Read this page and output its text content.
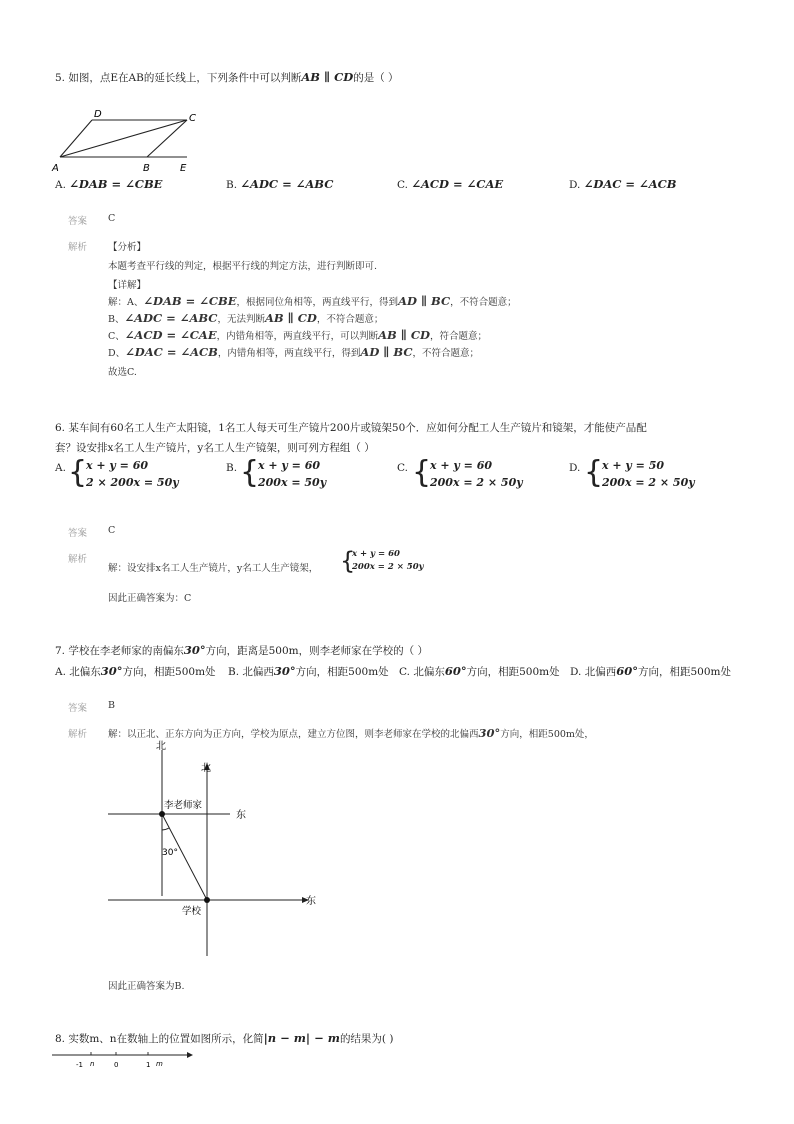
5. 如图，点E在AB的延长线上，下列条件中可以判断AB ∥ CD的是（ ）
A	B
C
D
E
A. ∠DAB = ∠CBE	B. ∠ADC = ∠ABC	C. ∠ACD = ∠CAE	D. ∠DAC = ∠ACB
答案 C
解析 【分析】
本题考查平行线的判定，根据平行线的判定方法，进行判断即可.
【详解】
解：A、∠DAB = ∠CBE，根据同位角相等，两直线平行，得到AD ∥ BC，不符合题意；
B、∠ADC = ∠ABC，无法判断AB ∥ CD，不符合题意；
C、∠ACD = ∠CAE，内错角相等，两直线平行，可以判断AB ∥ CD，符合题意；
D、∠DAC = ∠ACB，内错角相等，两直线平行，得到AD ∥ BC，不符合题意；
故选C.
6. 某车间有60名工人生产太阳镜，1名工人每天可生产镜片200片或镜架50个．应如何分配工人生产镜片和镜架，才能使产品配
套？设安排x名工人生产镜片，y名工人生产镜架，则可列方程组（ ）
A. {
x + y = 60
2 × 200x = 50y
B. {
x + y = 60
200x = 50y
C. {
x + y = 60
200x = 2 × 50y
D. {
x + y = 50
200x = 2 × 50y
答案 C
解析
解：设安排x名工人生产镜片，y名工人生产镜架， {
x + y = 60
200x = 2 × 50y
因此正确答案为：C
7. 学校在李老师家的南偏东30°方向，距离是500m，则李老师家在学校的（ ）
A. 北偏东30°方向，相距500m处 B. 北偏西30°方向，相距500m处 C. 北偏东60°方向，相距500m处 D. 北偏西60°方向，相距500m处
答案 B
解析 解：以正北、正东方向为正方向，学校为原点，建立方位图，则李老师家在学校的北偏西30°方向，相距500m处，
北
北
东
东
李老师家
学校
30°
因此正确答案为B.
8. 实数m、n在数轴上的位置如图所示，化简|n − m| − m的结果为( )
-1 n	0	1 m
